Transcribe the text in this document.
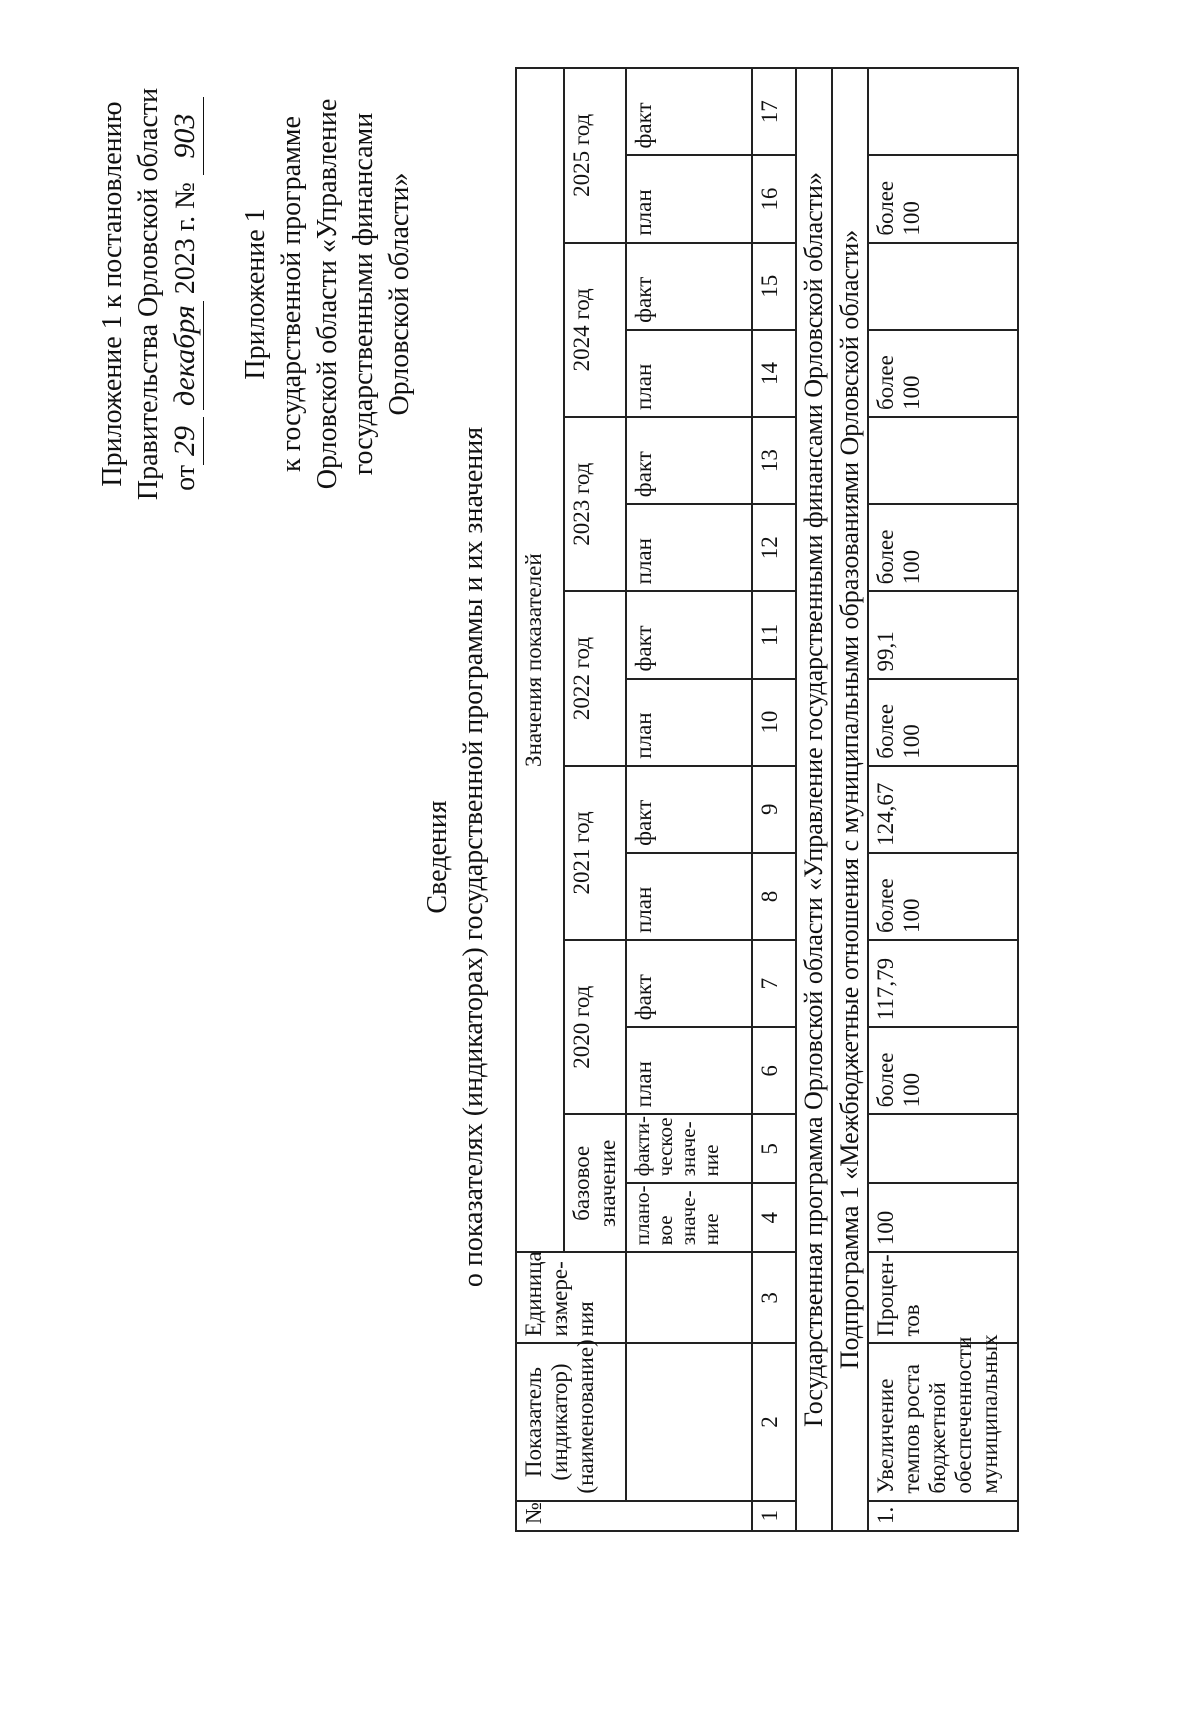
Приложение 1 к постановлению Правительства Орловской области от29 декабря 2023 г. № 903
Приложение 1 к государственной программе Орловской области «Управление государственными финансами Орловской области»
Сведения о показателях (индикаторах) государственной программы и их значения
№	Показатель (индикатор) (наименование)	Единица измере-ния	Значения показателей													
			базовое значение		2020 год		2021 год		2022 год		2023 год		2024 год		2025 год	
			плано-вое значе-ние	факти-ческое значе-ние	план	факт	план	факт	план	факт	план	факт	план	факт	план	факт
1	2	3	4	5	6	7	8	9	10	11	12	13	14	15	16	17
Государственная программа Орловской области «Управление государственными финансами Орловской области»																
Подпрограмма 1 «Межбюджетные отношения с муниципальными образованиями Орловской области»																
1.	Увеличение темпов роста бюджетной обеспеченности муниципальных	Процен-тов	100		более 100	117,79	более 100	124,67	более 100	99,1	более 100		более 100		более 100	
